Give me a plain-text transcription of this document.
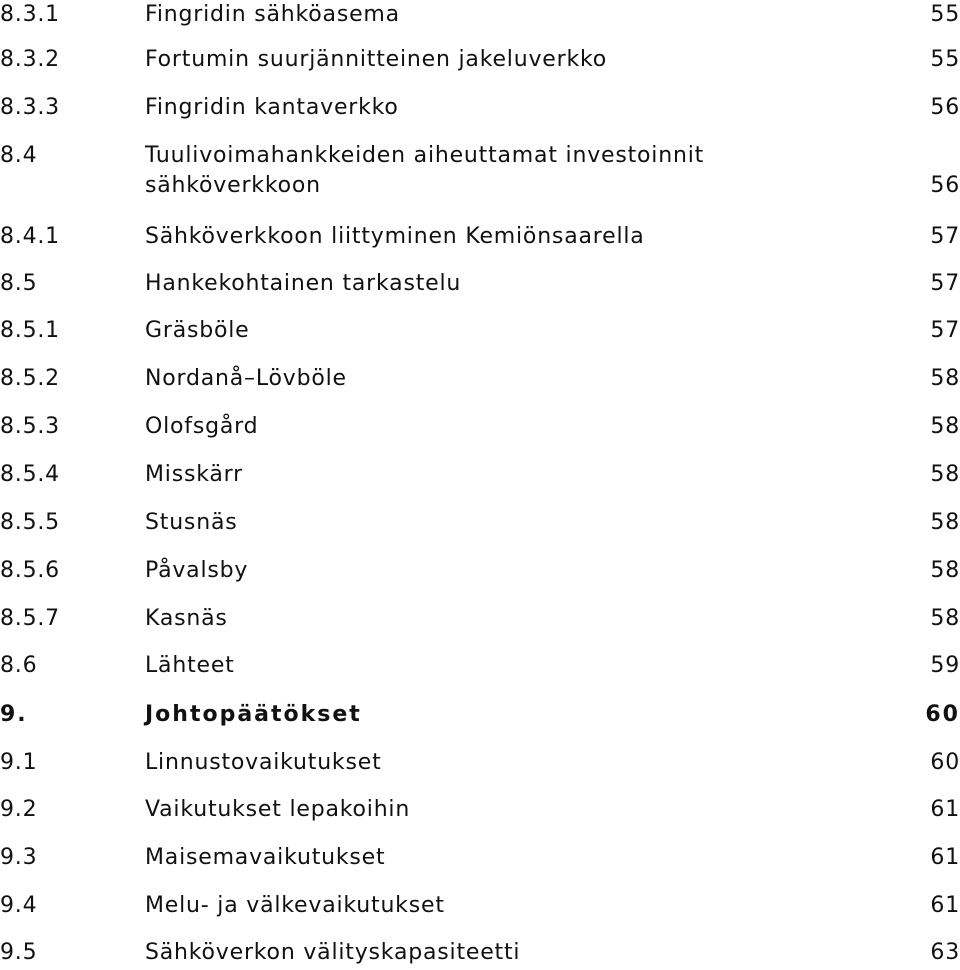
8.3.1	Fingridin sähköasema	55
8.3.2	Fortumin suurjännitteinen jakeluverkko	55
8.3.3	Fingridin kantaverkko	56
8.4	Tuulivoimahankkeiden aiheuttamat investoinnit
sähköverkkoon	56
8.4.1	Sähköverkkoon liittyminen Kemiönsaarella	57
8.5	Hankekohtainen tarkastelu	57
8.5.1	Gräsböle	57
8.5.2	Nordanå–Lövböle	58
8.5.3	Olofsgård	58
8.5.4	Misskärr	58
8.5.5	Stusnäs	58
8.5.6	Påvalsby	58
8.5.7	Kasnäs	58
8.6	Lähteet	59
9.	Johtopäätökset	60
9.1	Linnustovaikutukset	60
9.2	Vaikutukset lepakoihin	61
9.3	Maisemavaikutukset	61
9.4	Melu- ja välkevaikutukset	61
9.5	Sähköverkon välityskapasiteetti	63
